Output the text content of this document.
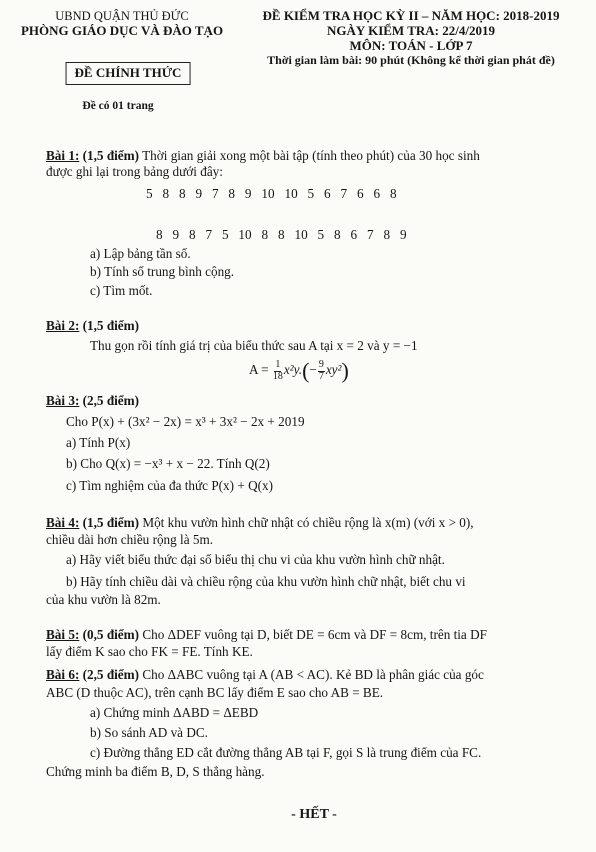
UBND QUẬN THỦ ĐỨC
PHÒNG GIÁO DỤC VÀ ĐÀO TẠO
ĐỀ CHÍNH THỨC
Đề có 01 trang
ĐỀ KIỂM TRA HỌC KỲ II – NĂM HỌC: 2018-2019
NGÀY KIỂM TRA: 22/4/2019
MÔN: TOÁN - LỚP 7
Thời gian làm bài: 90 phút (Không kể thời gian phát đề)
Bài 1: (1,5 điểm) Thời gian giải xong một bài tập (tính theo phút) của 30 học sinh
được ghi lại trong bảng dưới đây:
5   8   8   9   7   8   9   10   10   5   6   7   6   6   8
8   9   8   7   5   10   8   8   10   5   8   6   7   8   9
a) Lập bảng tần số.
b) Tính số trung bình cộng.
c) Tìm mốt.
Bài 2: (1,5 điểm)
Thu gọn rồi tính giá trị của biểu thức sau A tại x = 2 và y = −1
$A = \frac{1}{18} x^2y.(- \frac{9}{7} xy^2)$
Bài 3: (2,5 điểm)
Cho P(x) + (3x² − 2x) = x³ + 3x² − 2x + 2019
a) Tính P(x)
b) Cho Q(x) = −x³ + x − 22. Tính Q(2)
c) Tìm nghiệm của đa thức P(x) + Q(x)
Bài 4: (1,5 điểm) Một khu vườn hình chữ nhật có chiều rộng là x(m) (với x > 0),
chiều dài hơn chiều rộng là 5m.
a) Hãy viết biểu thức đại số biểu thị chu vi của khu vườn hình chữ nhật.
b) Hãy tính chiều dài và chiều rộng của khu vườn hình chữ nhật, biết chu vi
của khu vườn là 82m.
Bài 5: (0,5 điểm) Cho ΔDEF vuông tại D, biết DE = 6cm và DF = 8cm, trên tia DF
lấy điểm K sao cho FK = FE. Tính KE.
Bài 6: (2,5 điểm) Cho ΔABC vuông tại A (AB < AC). Kẻ BD là phân giác của góc
ABC (D thuộc AC), trên cạnh BC lấy điểm E sao cho AB = BE.
a) Chứng minh ΔABD = ΔEBD
b) So sánh AD và DC.
c) Đường thẳng ED cắt đường thẳng AB tại F, gọi S là trung điểm của FC.
Chứng minh ba điểm B, D, S thẳng hàng.
- HẾT -
